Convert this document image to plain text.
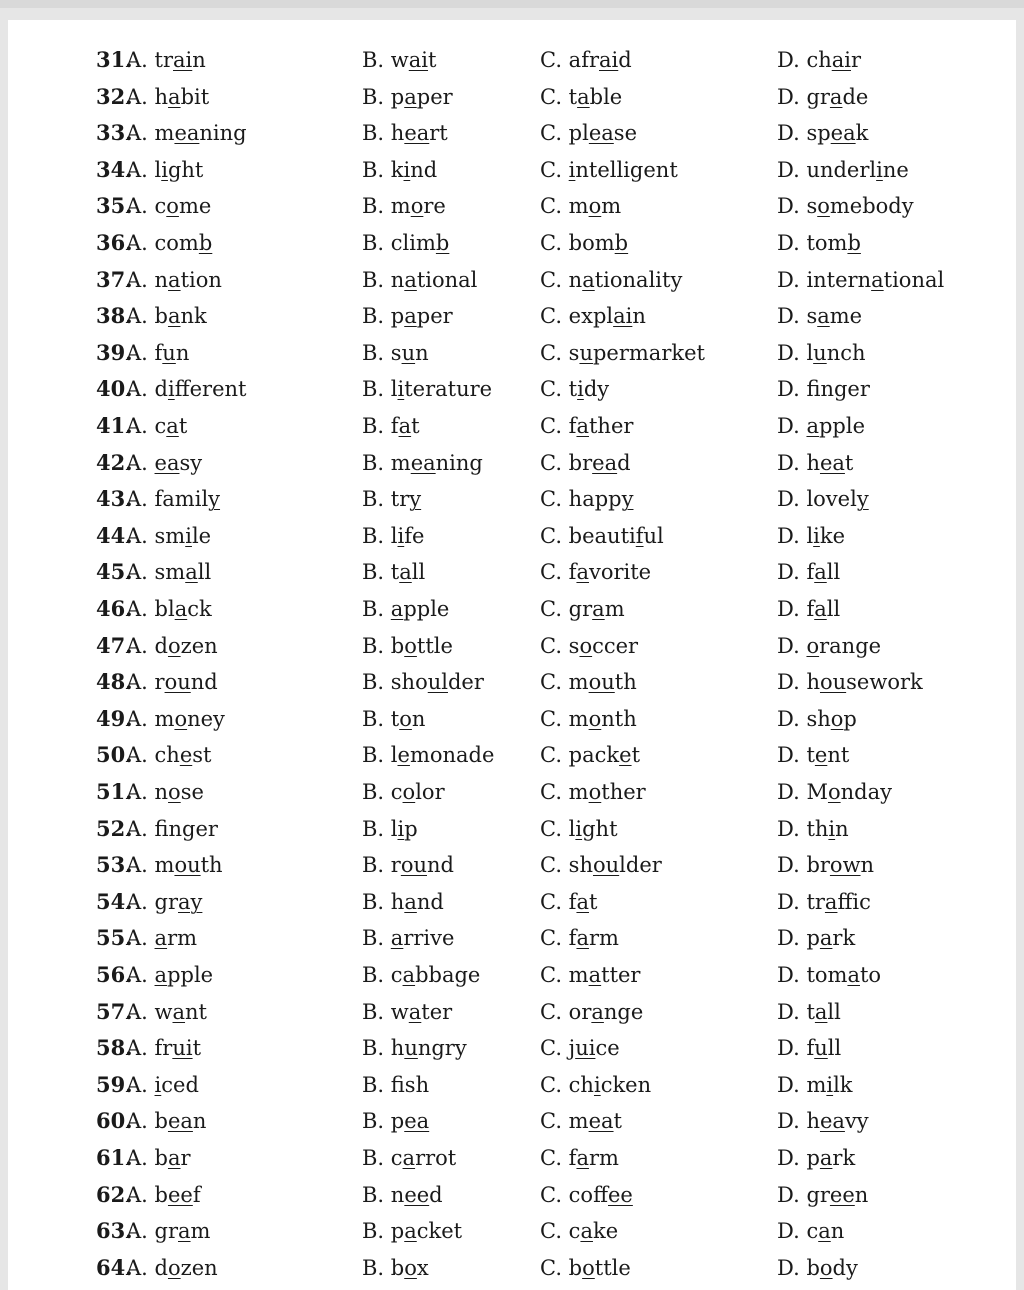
31.
A. train	B. wait	C. afraid	D. chair
32.
A. habit	B. paper	C. table	D. grade
33.
A. meaning	B. heart	C. please	D. speak
34.
A. light	B. kind	C. intelligent	D. underline
35.
A. come	B. more	C. mom	D. somebody
36.
A. comb	B. climb	C. bomb	D. tomb
37.
A. nation	B. national	C. nationality	D. international
38.
A. bank	B. paper	C. explain	D. same
39.
A. fun	B. sun	C. supermarket	D. lunch
40.
A. different	B. literature C. tidy	D. fnger
41.
A. cat	B. fat	C. father	D. apple
42.
A. easy	B. meaning	C. bread	D. heat
43.
A. family	B. try	C. happy	D. lovely
44.
A. smile	B. life	C. beautiful	D. like
45.
A. small	B. tall	C. favorite	D. fall
46.
A. black	B. apple	C. gram	D. fall
47.
A. dozen	B. bottle	C. soccer	D. orange
48.
A. round	B. shoulder	C. mouth	D. housework
49.
A. money	B. ton	C. month	D. shop
50.
A. chest	B. lemonade C. packet	D. tent
51.
A. nose	B. color	C. mother	D. Monday
52.
A. fnger	B. lip	C. light	D. thin
53.
A. mouth	B. round	C. shoulder	D. brown
54.
A. gray	B. hand	C. fat	D. traffic
55.
A. arm	B. arrive	C. farm	D. park
56.
A. apple	B. cabbage	C. matter	D. tomato
57.
A. want	B. water	C. orange	D. tall
58.
A. fruit	B. hungry	C. juice	D. full
59.
A. iced	B. fsh	C. chicken	D. milk
60.
A. bean	B. pea	C. meat	D. heavy
61.
A. bar	B. carrot	C. farm	D. park
62.
A. beef	B. need	C. coffee	D. green
63.
A. gram	B. packet	C. cake	D. can
64.
A. dozen	B. box	C. bottle	D. body
